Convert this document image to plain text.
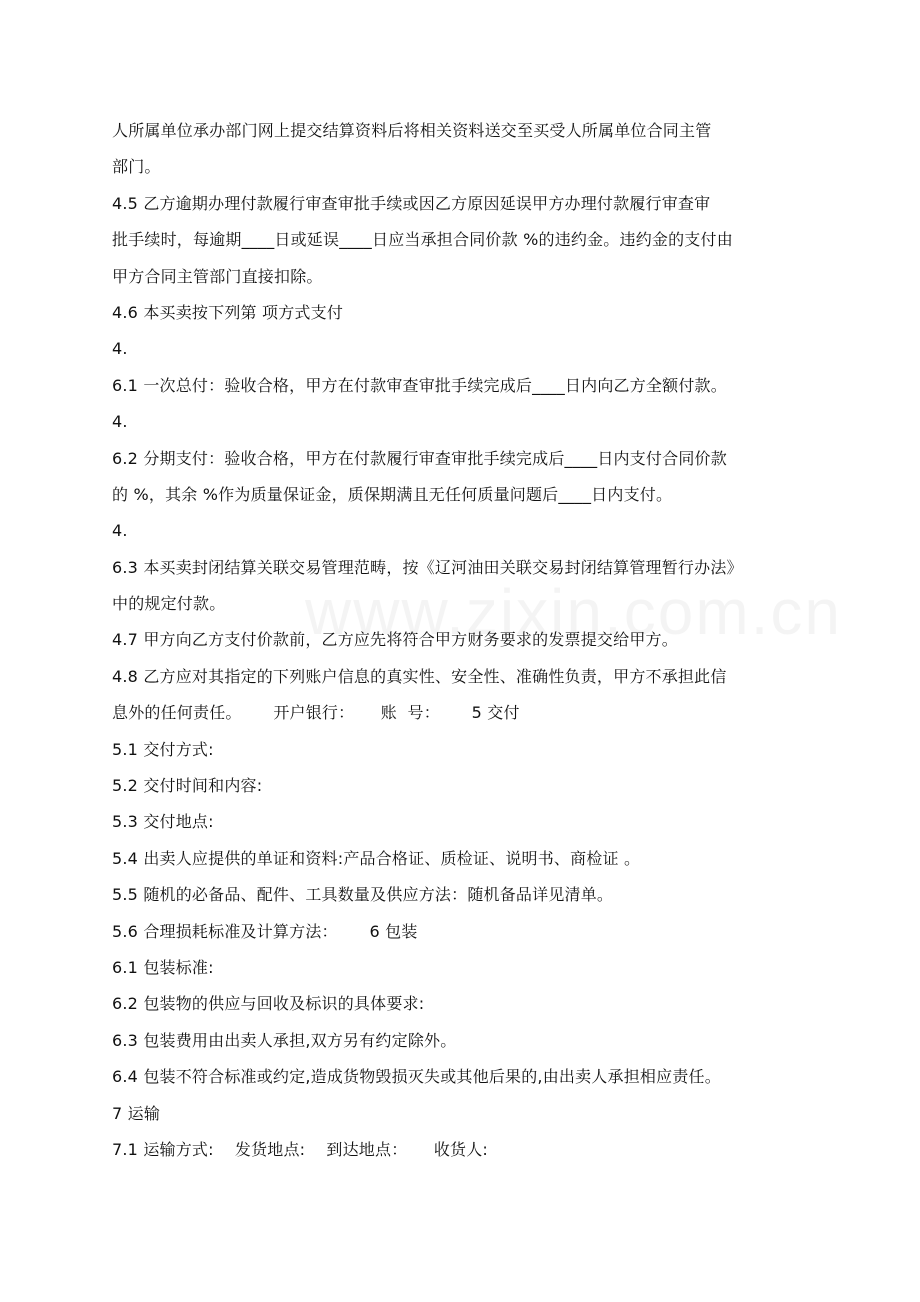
人所属单位承办部门网上提交结算资料后将相关资料送交至买受人所属单位合同主管
部门。
4.5 乙方逾期办理付款履行审查审批手续或因乙方原因延误甲方办理付款履行审查审
批手续时，每逾期____日或延误____日应当承担合同价款 %的违约金。违约金的支付由
甲方合同主管部门直接扣除。
4.6 本买卖按下列第 项方式支付
4.
6.1 一次总付：验收合格，甲方在付款审查审批手续完成后____日内向乙方全额付款。
4.
6.2 分期支付：验收合格，甲方在付款履行审查审批手续完成后____日内支付合同价款
的 %，其余 %作为质量保证金，质保期满且无任何质量问题后____日内支付。
4.
6.3 本买卖封闭结算关联交易管理范畴，按《辽河油田关联交易封闭结算管理暂行办法》
中的规定付款。
4.7 甲方向乙方支付价款前，乙方应先将符合甲方财务要求的发票提交给甲方。
4.8 乙方应对其指定的下列账户信息的真实性、安全性、准确性负责，甲方不承担此信
息外的任何责任。      开户银行：     账  号：      5 交付
5.1 交付方式:
5.2 交付时间和内容:
5.3 交付地点:
5.4 出卖人应提供的单证和资料:产品合格证、质检证、说明书、商检证 。
5.5 随机的必备品、配件、工具数量及供应方法：随机备品详见清单。
5.6 合理损耗标准及计算方法：      6 包装
6.1 包装标准:
6.2 包装物的供应与回收及标识的具体要求:
6.3 包装费用由出卖人承担,双方另有约定除外。
6.4 包装不符合标准或约定,造成货物毁损灭失或其他后果的,由出卖人承担相应责任。
7 运输
7.1 运输方式:    发货地点:    到达地点：     收货人:
